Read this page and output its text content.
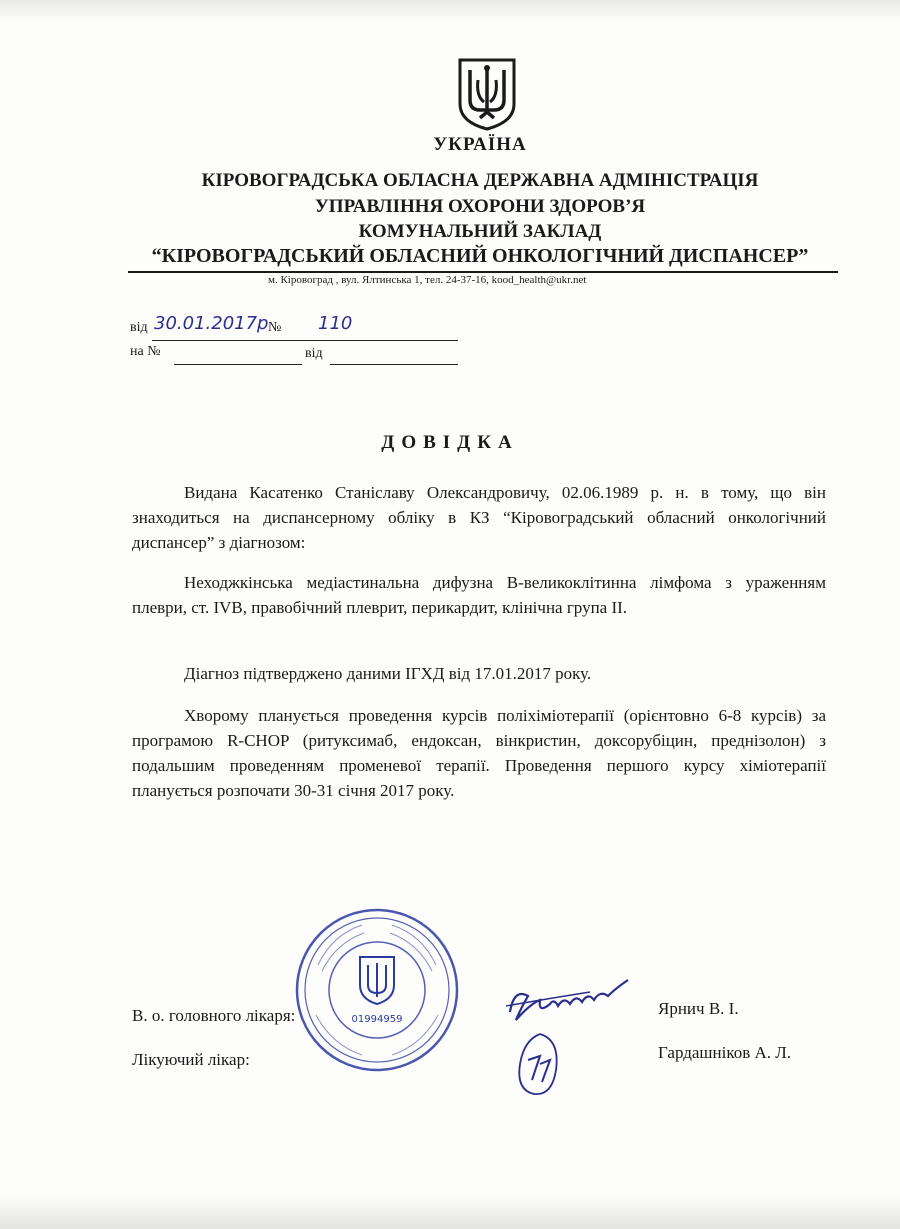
УКРАЇНА
КІРОВОГРАДСЬКА ОБЛАСНА ДЕРЖАВНА АДМІНІСТРАЦІЯ
УПРАВЛІННЯ ОХОРОНИ ЗДОРОВ’Я
КОМУНАЛЬНИЙ ЗАКЛАД
“КІРОВОГРАДСЬКИЙ ОБЛАСНИЙ ОНКОЛОГІЧНИЙ ДИСПАНСЕР”
м. Кіровоград , вул. Ялтинська 1, тел. 24-37-16, kood_health@ukr.net
від 30.01.2017р № 110
на №	від
ДОВІДКА
Видана Касатенко Станіславу Олександровичу, 02.06.1989 р. н. в тому, що він знаходиться на диспансерному обліку в КЗ “Кіровоградський обласний онкологічний диспансер” з діагнозом:
Неходжкінська медіастинальна дифузна В-великоклітинна лімфома з ураженням плеври, ст. IVB, правобічний плеврит, перикардит, клінічна група II.
Діагноз підтверджено даними ІГХД від 17.01.2017 року.
Хворому планується проведення курсів поліхіміотерапії (орієнтовно 6-8 курсів) за програмою R-CHOP (ритуксимаб, ендоксан, вінкристин, доксорубіцин, преднізолон) з подальшим проведенням променевої терапії. Проведення першого курсу хіміотерапії планується розпочати 30-31 січня 2017 року.
01994959
В. о. головного лікаря:	Ярнич В. І.
Лікуючий лікар:	Гардашніков А. Л.
